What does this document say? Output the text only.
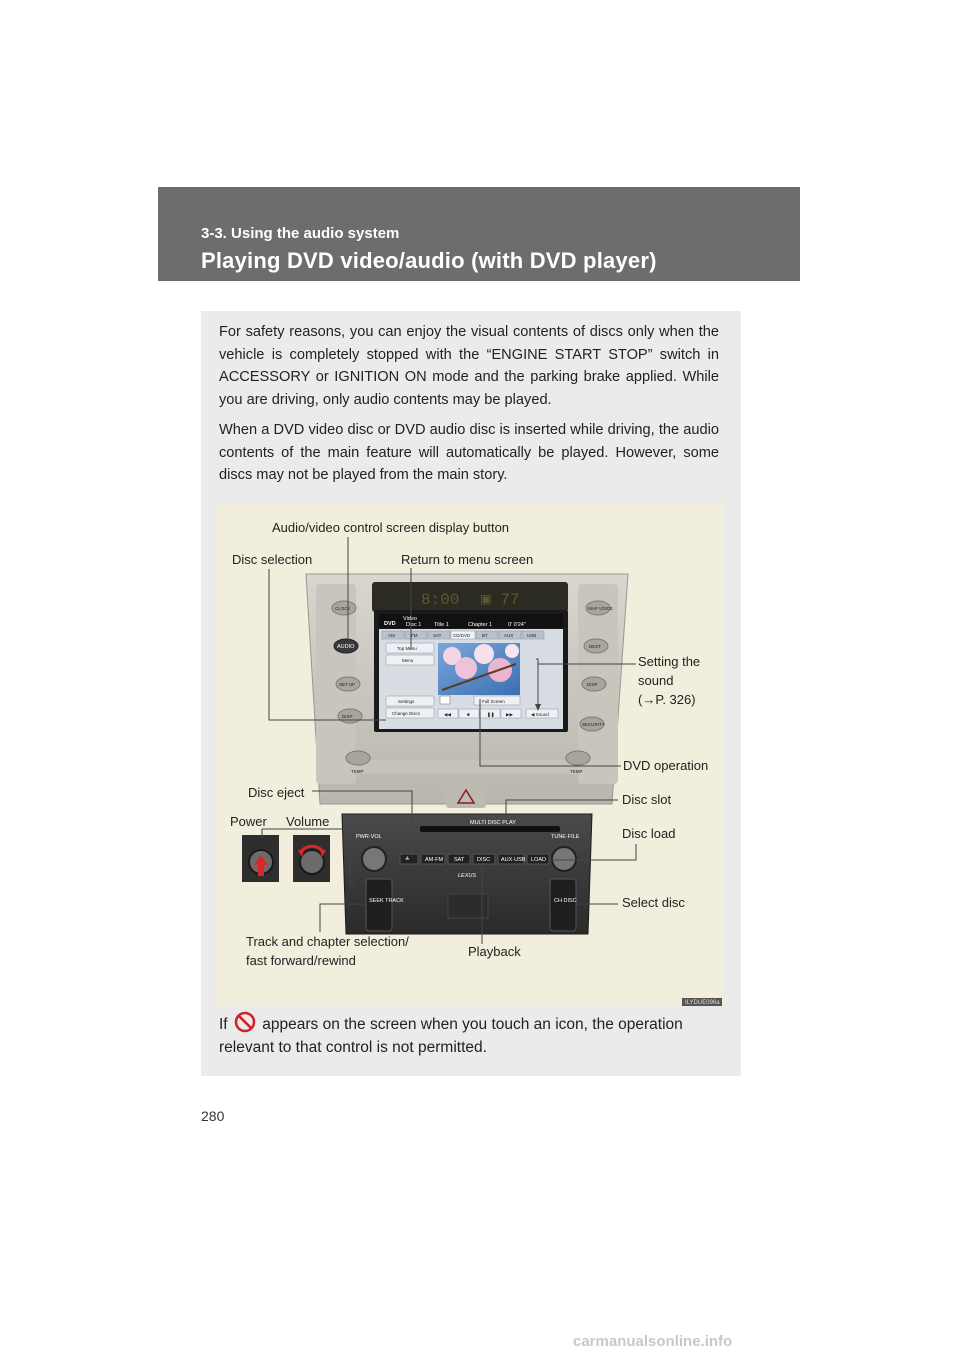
3-3. Using the audio system
Playing DVD video/audio (with DVD player)
For safety reasons, you can enjoy the visual contents of discs only when the vehicle is completely stopped with the “ENGINE START STOP” switch in ACCESSORY or IGNITION ON mode and the parking brake applied. While you are driving, only audio contents may be played.
When a DVD video disc or DVD audio disc is inserted while driving, the audio contents of the main feature will automatically be played. However, some discs may not be played from the main story.
8:00 ▣ 77
DVD
Video
Disc 1 Title 1	Chapter 1	0' 0'24"
AM	FM	SAT	CD/DVD	BT	AUX	USB
Top Menu
Menu
Settings
Change Discs
Full Screen
◀◀	■	❚❚	▶▶	◀ Sound
CLOCK
AUDIO
SET UP
DISP
MAP VOICE
DEST
DISP
SECURITY
TEMP	TEMP
MULTI DISC PLAY
PWR·VOL	TUNE·FILE
≜	AM·FM SAT DISC AUX·USB LOAD
LEXUS
SEEK TRACK	CH DISC
Audio/video control screen display button
Disc selection	Return to menu screen
Setting the
sound
(→P. 326)
DVD operation
Disc eject	Disc slot
Power Volume
Disc load
Select disc
Track and chapter selection/
fast forward/rewind
Playback
ILYDUE096a
If appears on the screen when you touch an icon, the operation relevant to that control is not permitted.
280
carmanualsonline.info
